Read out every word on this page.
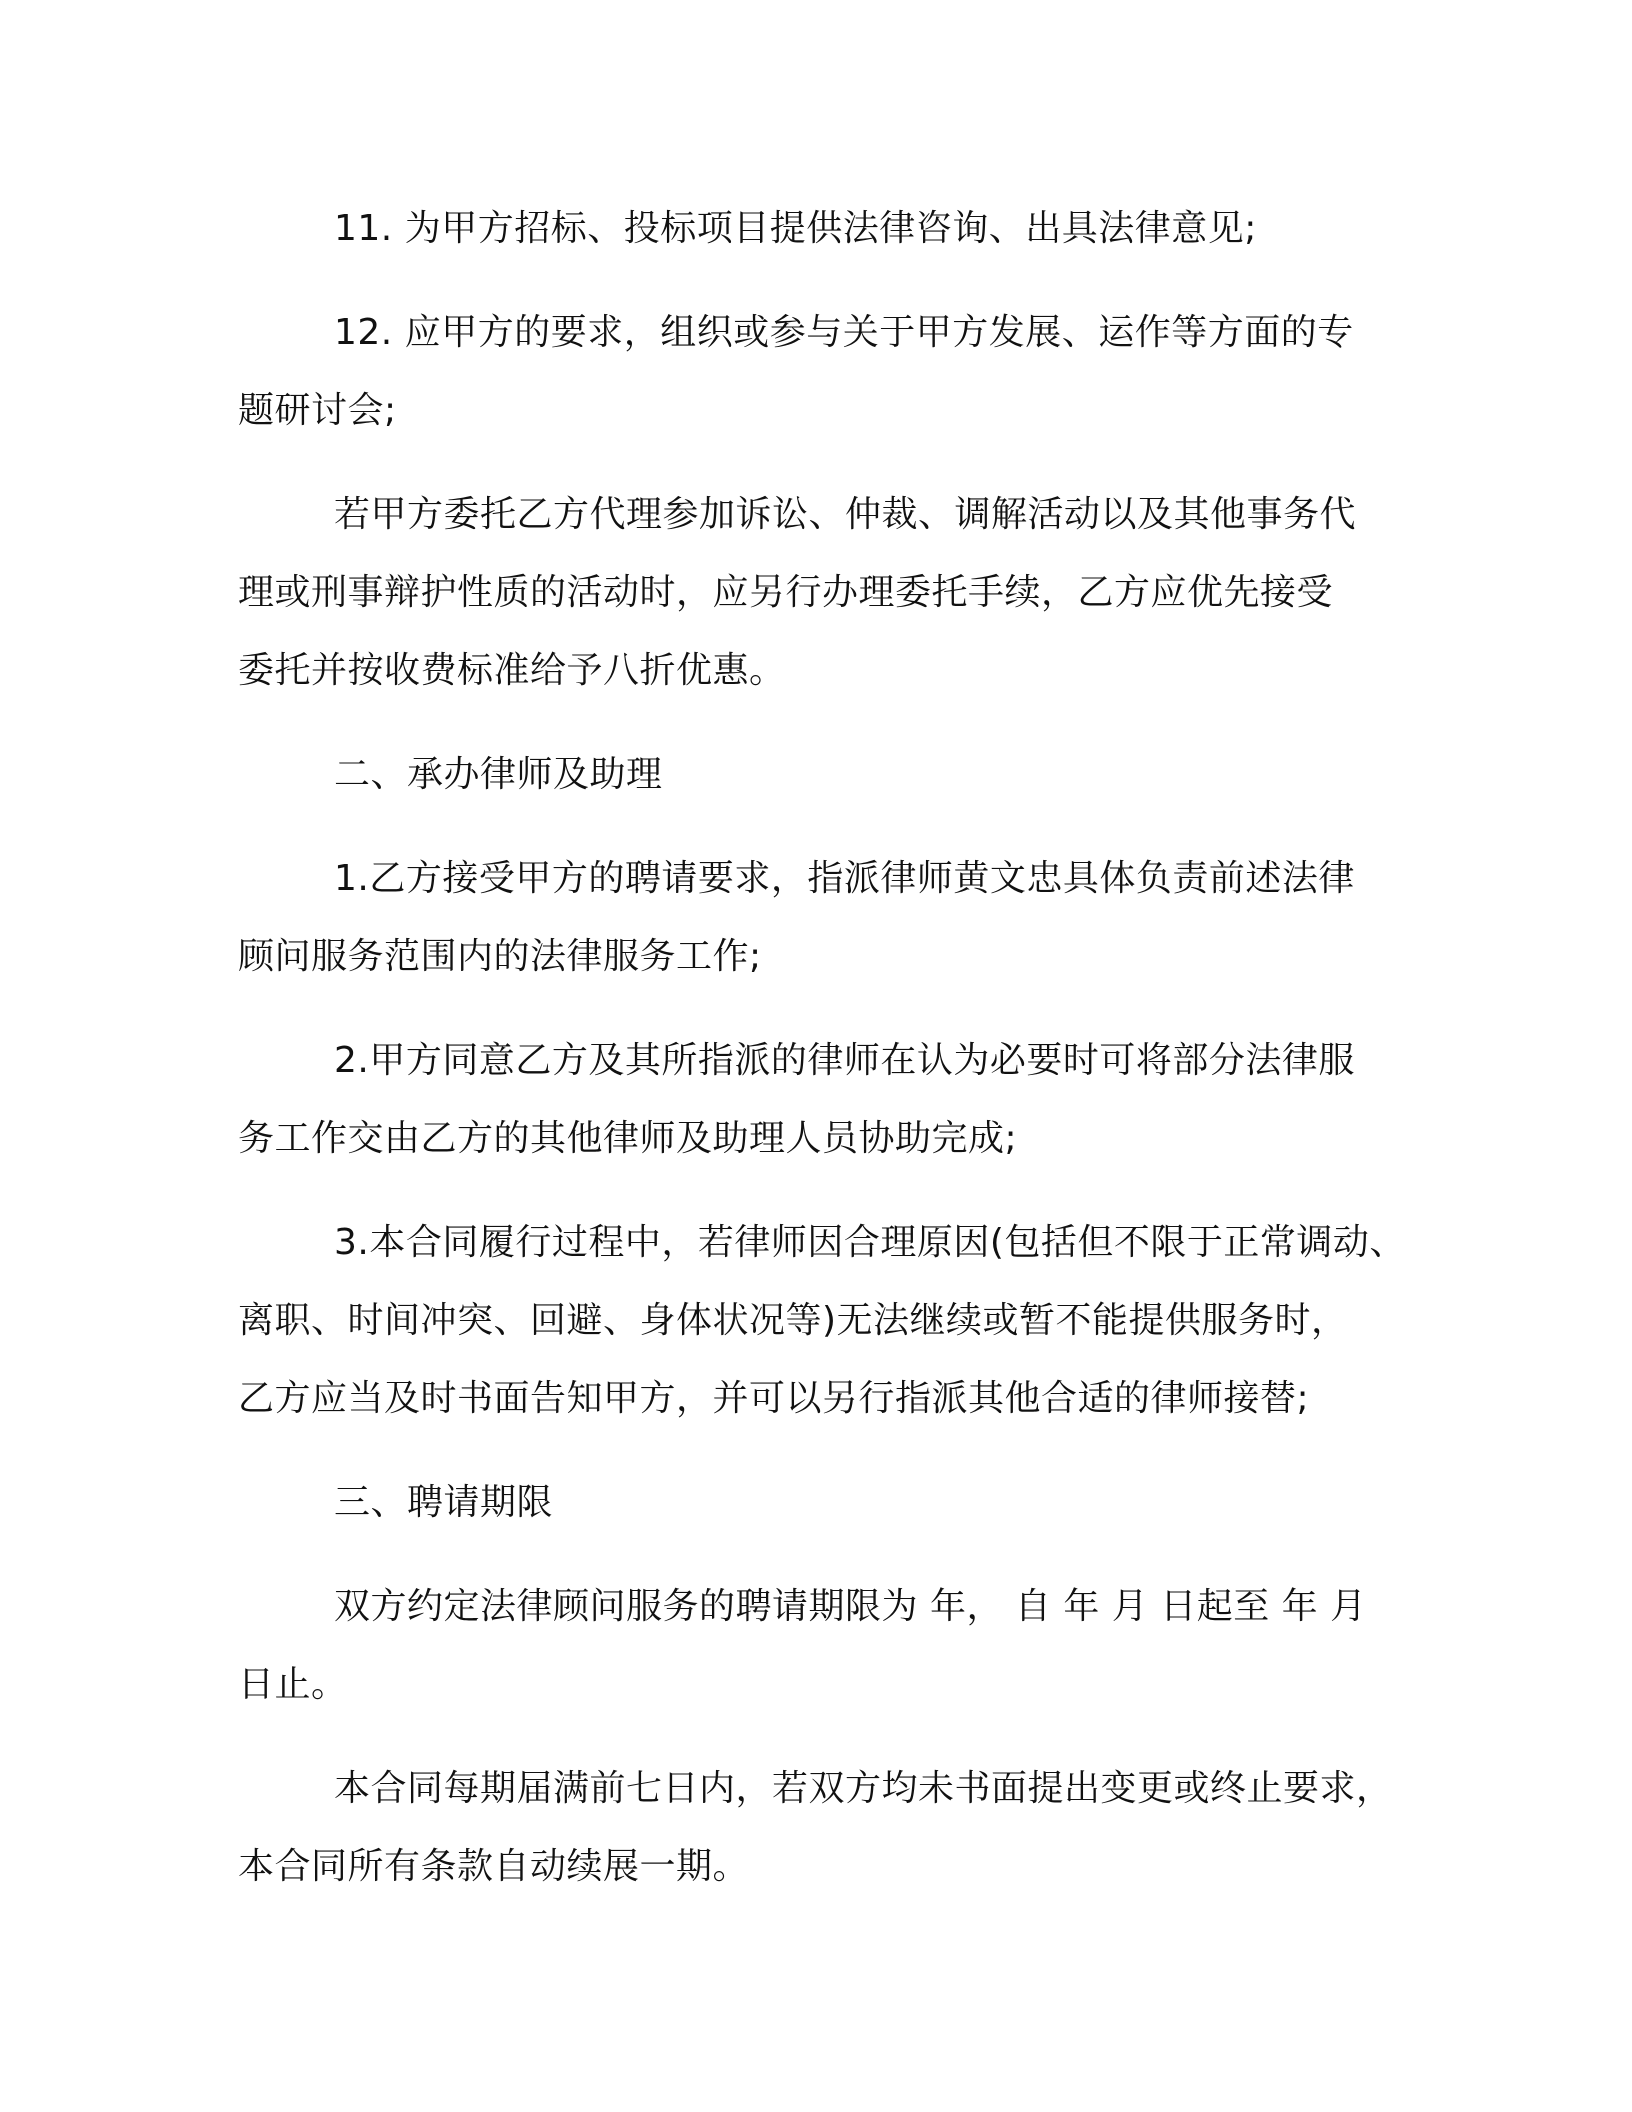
11. 为甲方招标、投标项目提供法律咨询、出具法律意见;

12. 应甲方的要求，组织或参与关于甲方发展、运作等方面的专
题研讨会;

若甲方委托乙方代理参加诉讼、仲裁、调解活动以及其他事务代
理或刑事辩护性质的活动时，应另行办理委托手续，乙方应优先接受
委托并按收费标准给予八折优惠。

二、承办律师及助理

1.乙方接受甲方的聘请要求，指派律师黄文忠具体负责前述法律
顾问服务范围内的法律服务工作;

2.甲方同意乙方及其所指派的律师在认为必要时可将部分法律服
务工作交由乙方的其他律师及助理人员协助完成;

3.本合同履行过程中，若律师因合理原因(包括但不限于正常调动、
离职、时间冲突、回避、身体状况等)无法继续或暂不能提供服务时，
乙方应当及时书面告知甲方，并可以另行指派其他合适的律师接替;

三、聘请期限

双方约定法律顾问服务的聘请期限为 年， 自 年 月 日起至 年 月
日止。

本合同每期届满前七日内，若双方均未书面提出变更或终止要求，
本合同所有条款自动续展一期。
